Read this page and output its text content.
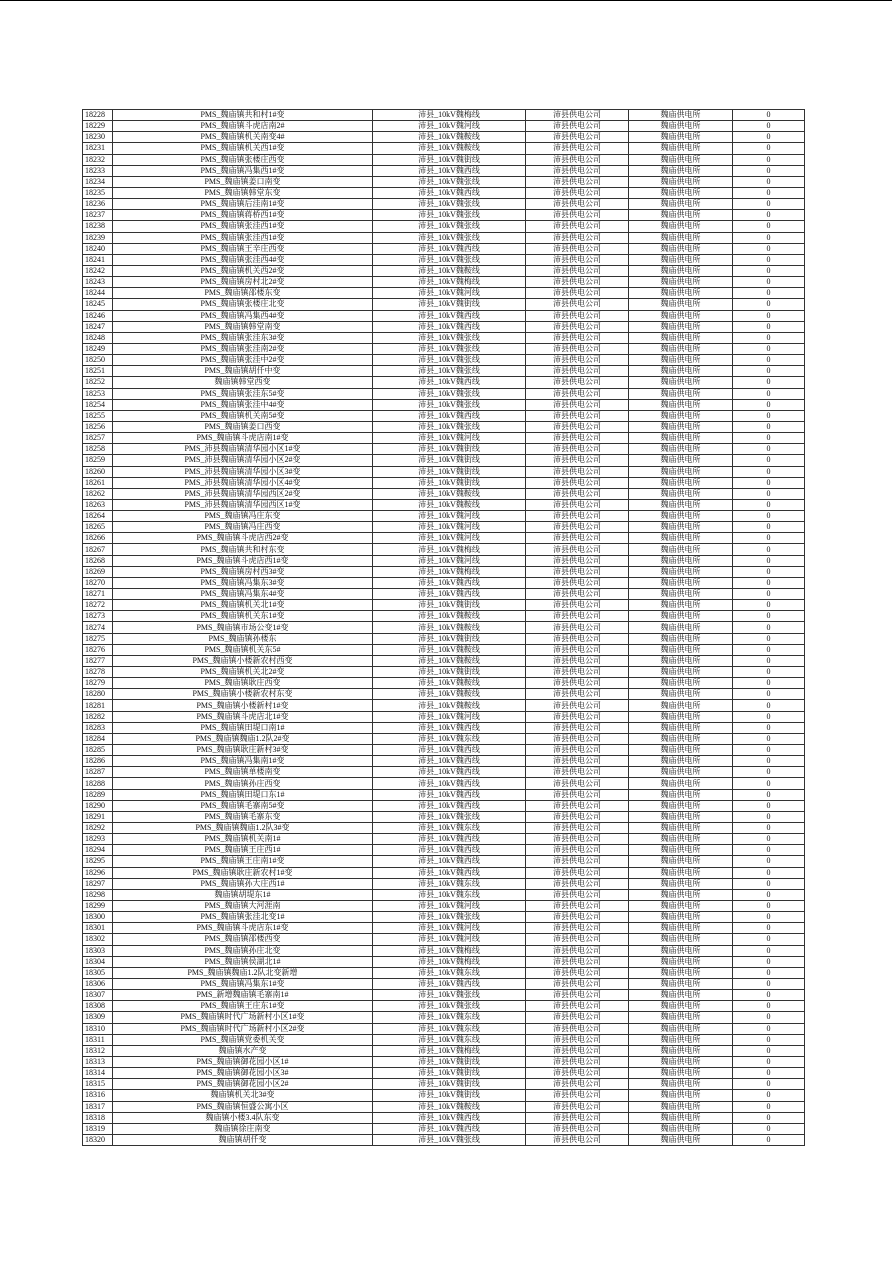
18228	PMS_魏庙镇共和村1#变	沛县_10kV魏梅线	沛县供电公司	魏庙供电所	0
18229	PMS_魏庙镇斗虎店南2#	沛县_10kV魏河线	沛县供电公司	魏庙供电所	0
18230	PMS_魏庙镇机关南变4#	沛县_10kV魏鞍线	沛县供电公司	魏庙供电所	0
18231	PMS_魏庙镇机关西1#变	沛县_10kV魏鞍线	沛县供电公司	魏庙供电所	0
18232	PMS_魏庙镇张楼庄西变	沛县_10kV魏街线	沛县供电公司	魏庙供电所	0
18233	PMS_魏庙镇冯集西1#变	沛县_10kV魏西线	沛县供电公司	魏庙供电所	0
18234	PMS_魏庙镇姜口南变	沛县_10kV魏张线	沛县供电公司	魏庙供电所	0
18235	PMS_魏庙镇韩堂东变	沛县_10kV魏西线	沛县供电公司	魏庙供电所	0
18236	PMS_魏庙镇后洼南1#变	沛县_10kV魏张线	沛县供电公司	魏庙供电所	0
18237	PMS_魏庙镇蒋桥西1#变	沛县_10kV魏张线	沛县供电公司	魏庙供电所	0
18238	PMS_魏庙镇张洼西1#变	沛县_10kV魏张线	沛县供电公司	魏庙供电所	0
18239	PMS_魏庙镇张洼西1#变	沛县_10kV魏张线	沛县供电公司	魏庙供电所	0
18240	PMS_魏庙镇王辛庄西变	沛县_10kV魏西线	沛县供电公司	魏庙供电所	0
18241	PMS_魏庙镇张洼西4#变	沛县_10kV魏张线	沛县供电公司	魏庙供电所	0
18242	PMS_魏庙镇机关西2#变	沛县_10kV魏鞍线	沛县供电公司	魏庙供电所	0
18243	PMS_魏庙镇房村北2#变	沛县_10kV魏梅线	沛县供电公司	魏庙供电所	0
18244	PMS_魏庙镇邵楼东变	沛县_10kV魏河线	沛县供电公司	魏庙供电所	0
18245	PMS_魏庙镇张楼庄北变	沛县_10kV魏街线	沛县供电公司	魏庙供电所	0
18246	PMS_魏庙镇冯集西4#变	沛县_10kV魏西线	沛县供电公司	魏庙供电所	0
18247	PMS_魏庙镇韩堂南变	沛县_10kV魏西线	沛县供电公司	魏庙供电所	0
18248	PMS_魏庙镇张洼东3#变	沛县_10kV魏张线	沛县供电公司	魏庙供电所	0
18249	PMS_魏庙镇张洼南2#变	沛县_10kV魏张线	沛县供电公司	魏庙供电所	0
18250	PMS_魏庙镇张洼中2#变	沛县_10kV魏张线	沛县供电公司	魏庙供电所	0
18251	PMS_魏庙镇胡仟中变	沛县_10kV魏张线	沛县供电公司	魏庙供电所	0
18252	魏庙镇韩堂西变	沛县_10kV魏西线	沛县供电公司	魏庙供电所	0
18253	PMS_魏庙镇张洼东5#变	沛县_10kV魏张线	沛县供电公司	魏庙供电所	0
18254	PMS_魏庙镇张洼中4#变	沛县_10kV魏张线	沛县供电公司	魏庙供电所	0
18255	PMS_魏庙镇机关南5#变	沛县_10kV魏西线	沛县供电公司	魏庙供电所	0
18256	PMS_魏庙镇姜口西变	沛县_10kV魏张线	沛县供电公司	魏庙供电所	0
18257	PMS_魏庙镇斗虎店南1#变	沛县_10kV魏河线	沛县供电公司	魏庙供电所	0
18258	PMS_沛县魏庙镇清华园小区1#变	沛县_10kV魏街线	沛县供电公司	魏庙供电所	0
18259	PMS_沛县魏庙镇清华园小区2#变	沛县_10kV魏街线	沛县供电公司	魏庙供电所	0
18260	PMS_沛县魏庙镇清华园小区3#变	沛县_10kV魏街线	沛县供电公司	魏庙供电所	0
18261	PMS_沛县魏庙镇清华园小区4#变	沛县_10kV魏街线	沛县供电公司	魏庙供电所	0
18262	PMS_沛县魏庙镇清华园西区2#变	沛县_10kV魏鞍线	沛县供电公司	魏庙供电所	0
18263	PMS_沛县魏庙镇清华园西区1#变	沛县_10kV魏鞍线	沛县供电公司	魏庙供电所	0
18264	PMS_魏庙镇冯庄东变	沛县_10kV魏河线	沛县供电公司	魏庙供电所	0
18265	PMS_魏庙镇冯庄西变	沛县_10kV魏河线	沛县供电公司	魏庙供电所	0
18266	PMS_魏庙镇斗虎店西2#变	沛县_10kV魏河线	沛县供电公司	魏庙供电所	0
18267	PMS_魏庙镇共和村东变	沛县_10kV魏梅线	沛县供电公司	魏庙供电所	0
18268	PMS_魏庙镇斗虎店西1#变	沛县_10kV魏河线	沛县供电公司	魏庙供电所	0
18269	PMS_魏庙镇房村西3#变	沛县_10kV魏梅线	沛县供电公司	魏庙供电所	0
18270	PMS_魏庙镇冯集东3#变	沛县_10kV魏西线	沛县供电公司	魏庙供电所	0
18271	PMS_魏庙镇冯集东4#变	沛县_10kV魏西线	沛县供电公司	魏庙供电所	0
18272	PMS_魏庙镇机关北1#变	沛县_10kV魏街线	沛县供电公司	魏庙供电所	0
18273	PMS_魏庙镇机关东1#变	沛县_10kV魏鞍线	沛县供电公司	魏庙供电所	0
18274	PMS_魏庙镇市场公变1#变	沛县_10kV魏鞍线	沛县供电公司	魏庙供电所	0
18275	PMS_魏庙镇孙楼东	沛县_10kV魏街线	沛县供电公司	魏庙供电所	0
18276	PMS_魏庙镇机关东5#	沛县_10kV魏鞍线	沛县供电公司	魏庙供电所	0
18277	PMS_魏庙镇小楼新农村西变	沛县_10kV魏鞍线	沛县供电公司	魏庙供电所	0
18278	PMS_魏庙镇机关北2#变	沛县_10kV魏街线	沛县供电公司	魏庙供电所	0
18279	PMS_魏庙镇耿庄西变	沛县_10kV魏鞍线	沛县供电公司	魏庙供电所	0
18280	PMS_魏庙镇小楼新农村东变	沛县_10kV魏鞍线	沛县供电公司	魏庙供电所	0
18281	PMS_魏庙镇小楼新村1#变	沛县_10kV魏鞍线	沛县供电公司	魏庙供电所	0
18282	PMS_魏庙镇斗虎店北1#变	沛县_10kV魏河线	沛县供电公司	魏庙供电所	0
18283	PMS_魏庙镇田堤口南1#	沛县_10kV魏西线	沛县供电公司	魏庙供电所	0
18284	PMS_魏庙镇魏庙1.2队2#变	沛县_10kV魏东线	沛县供电公司	魏庙供电所	0
18285	PMS_魏庙镇耿庄新村3#变	沛县_10kV魏西线	沛县供电公司	魏庙供电所	0
18286	PMS_魏庙镇冯集南1#变	沛县_10kV魏西线	沛县供电公司	魏庙供电所	0
18287	PMS_魏庙镇单楼南变	沛县_10kV魏西线	沛县供电公司	魏庙供电所	0
18288	PMS_魏庙镇孙庄西变	沛县_10kV魏西线	沛县供电公司	魏庙供电所	0
18289	PMS_魏庙镇田堤口东1#	沛县_10kV魏西线	沛县供电公司	魏庙供电所	0
18290	PMS_魏庙镇毛寨南5#变	沛县_10kV魏西线	沛县供电公司	魏庙供电所	0
18291	PMS_魏庙镇毛寨东变	沛县_10kV魏张线	沛县供电公司	魏庙供电所	0
18292	PMS_魏庙镇魏庙1.2队3#变	沛县_10kV魏东线	沛县供电公司	魏庙供电所	0
18293	PMS_魏庙镇机关南1#	沛县_10kV魏西线	沛县供电公司	魏庙供电所	0
18294	PMS_魏庙镇王庄西1#	沛县_10kV魏西线	沛县供电公司	魏庙供电所	0
18295	PMS_魏庙镇王庄南1#变	沛县_10kV魏西线	沛县供电公司	魏庙供电所	0
18296	PMS_魏庙镇耿庄新农村1#变	沛县_10kV魏西线	沛县供电公司	魏庙供电所	0
18297	PMS_魏庙镇孙大庄西1#	沛县_10kV魏东线	沛县供电公司	魏庙供电所	0
18298	魏庙镇胡堤东1#	沛县_10kV魏东线	沛县供电公司	魏庙供电所	0
18299	PMS_魏庙镇大河涯南	沛县_10kV魏河线	沛县供电公司	魏庙供电所	0
18300	PMS_魏庙镇张洼北变1#	沛县_10kV魏张线	沛县供电公司	魏庙供电所	0
18301	PMS_魏庙镇斗虎店东1#变	沛县_10kV魏河线	沛县供电公司	魏庙供电所	0
18302	PMS_魏庙镇邵楼西变	沛县_10kV魏河线	沛县供电公司	魏庙供电所	0
18303	PMS_魏庙镇孙庄北变	沛县_10kV魏梅线	沛县供电公司	魏庙供电所	0
18304	PMS_魏庙镇侯湖北1#	沛县_10kV魏梅线	沛县供电公司	魏庙供电所	0
18305	PMS_魏庙镇魏庙1.2队北变新增	沛县_10kV魏东线	沛县供电公司	魏庙供电所	0
18306	PMS_魏庙镇冯集东1#变	沛县_10kV魏西线	沛县供电公司	魏庙供电所	0
18307	PMS_新增魏庙镇毛寨南1#	沛县_10kV魏张线	沛县供电公司	魏庙供电所	0
18308	PMS_魏庙镇王庄东1#变	沛县_10kV魏张线	沛县供电公司	魏庙供电所	0
18309	PMS_魏庙镇时代广场新村小区1#变	沛县_10kV魏东线	沛县供电公司	魏庙供电所	0
18310	PMS_魏庙镇时代广场新村小区2#变	沛县_10kV魏东线	沛县供电公司	魏庙供电所	0
18311	PMS_魏庙镇党委机关变	沛县_10kV魏东线	沛县供电公司	魏庙供电所	0
18312	魏庙镇水产变	沛县_10kV魏梅线	沛县供电公司	魏庙供电所	0
18313	PMS_魏庙镇御花园小区1#	沛县_10kV魏街线	沛县供电公司	魏庙供电所	0
18314	PMS_魏庙镇御花园小区3#	沛县_10kV魏街线	沛县供电公司	魏庙供电所	0
18315	PMS_魏庙镇御花园小区2#	沛县_10kV魏街线	沛县供电公司	魏庙供电所	0
18316	魏庙镇机关北3#变	沛县_10kV魏街线	沛县供电公司	魏庙供电所	0
18317	PMS_魏庙镇恒盛公寓小区	沛县_10kV魏鞍线	沛县供电公司	魏庙供电所	0
18318	魏庙镇小楼3.4队东变	沛县_10kV魏西线	沛县供电公司	魏庙供电所	0
18319	魏庙镇徐庄南变	沛县_10kV魏西线	沛县供电公司	魏庙供电所	0
18320	魏庙镇胡仟变	沛县_10kV魏张线	沛县供电公司	魏庙供电所	0
